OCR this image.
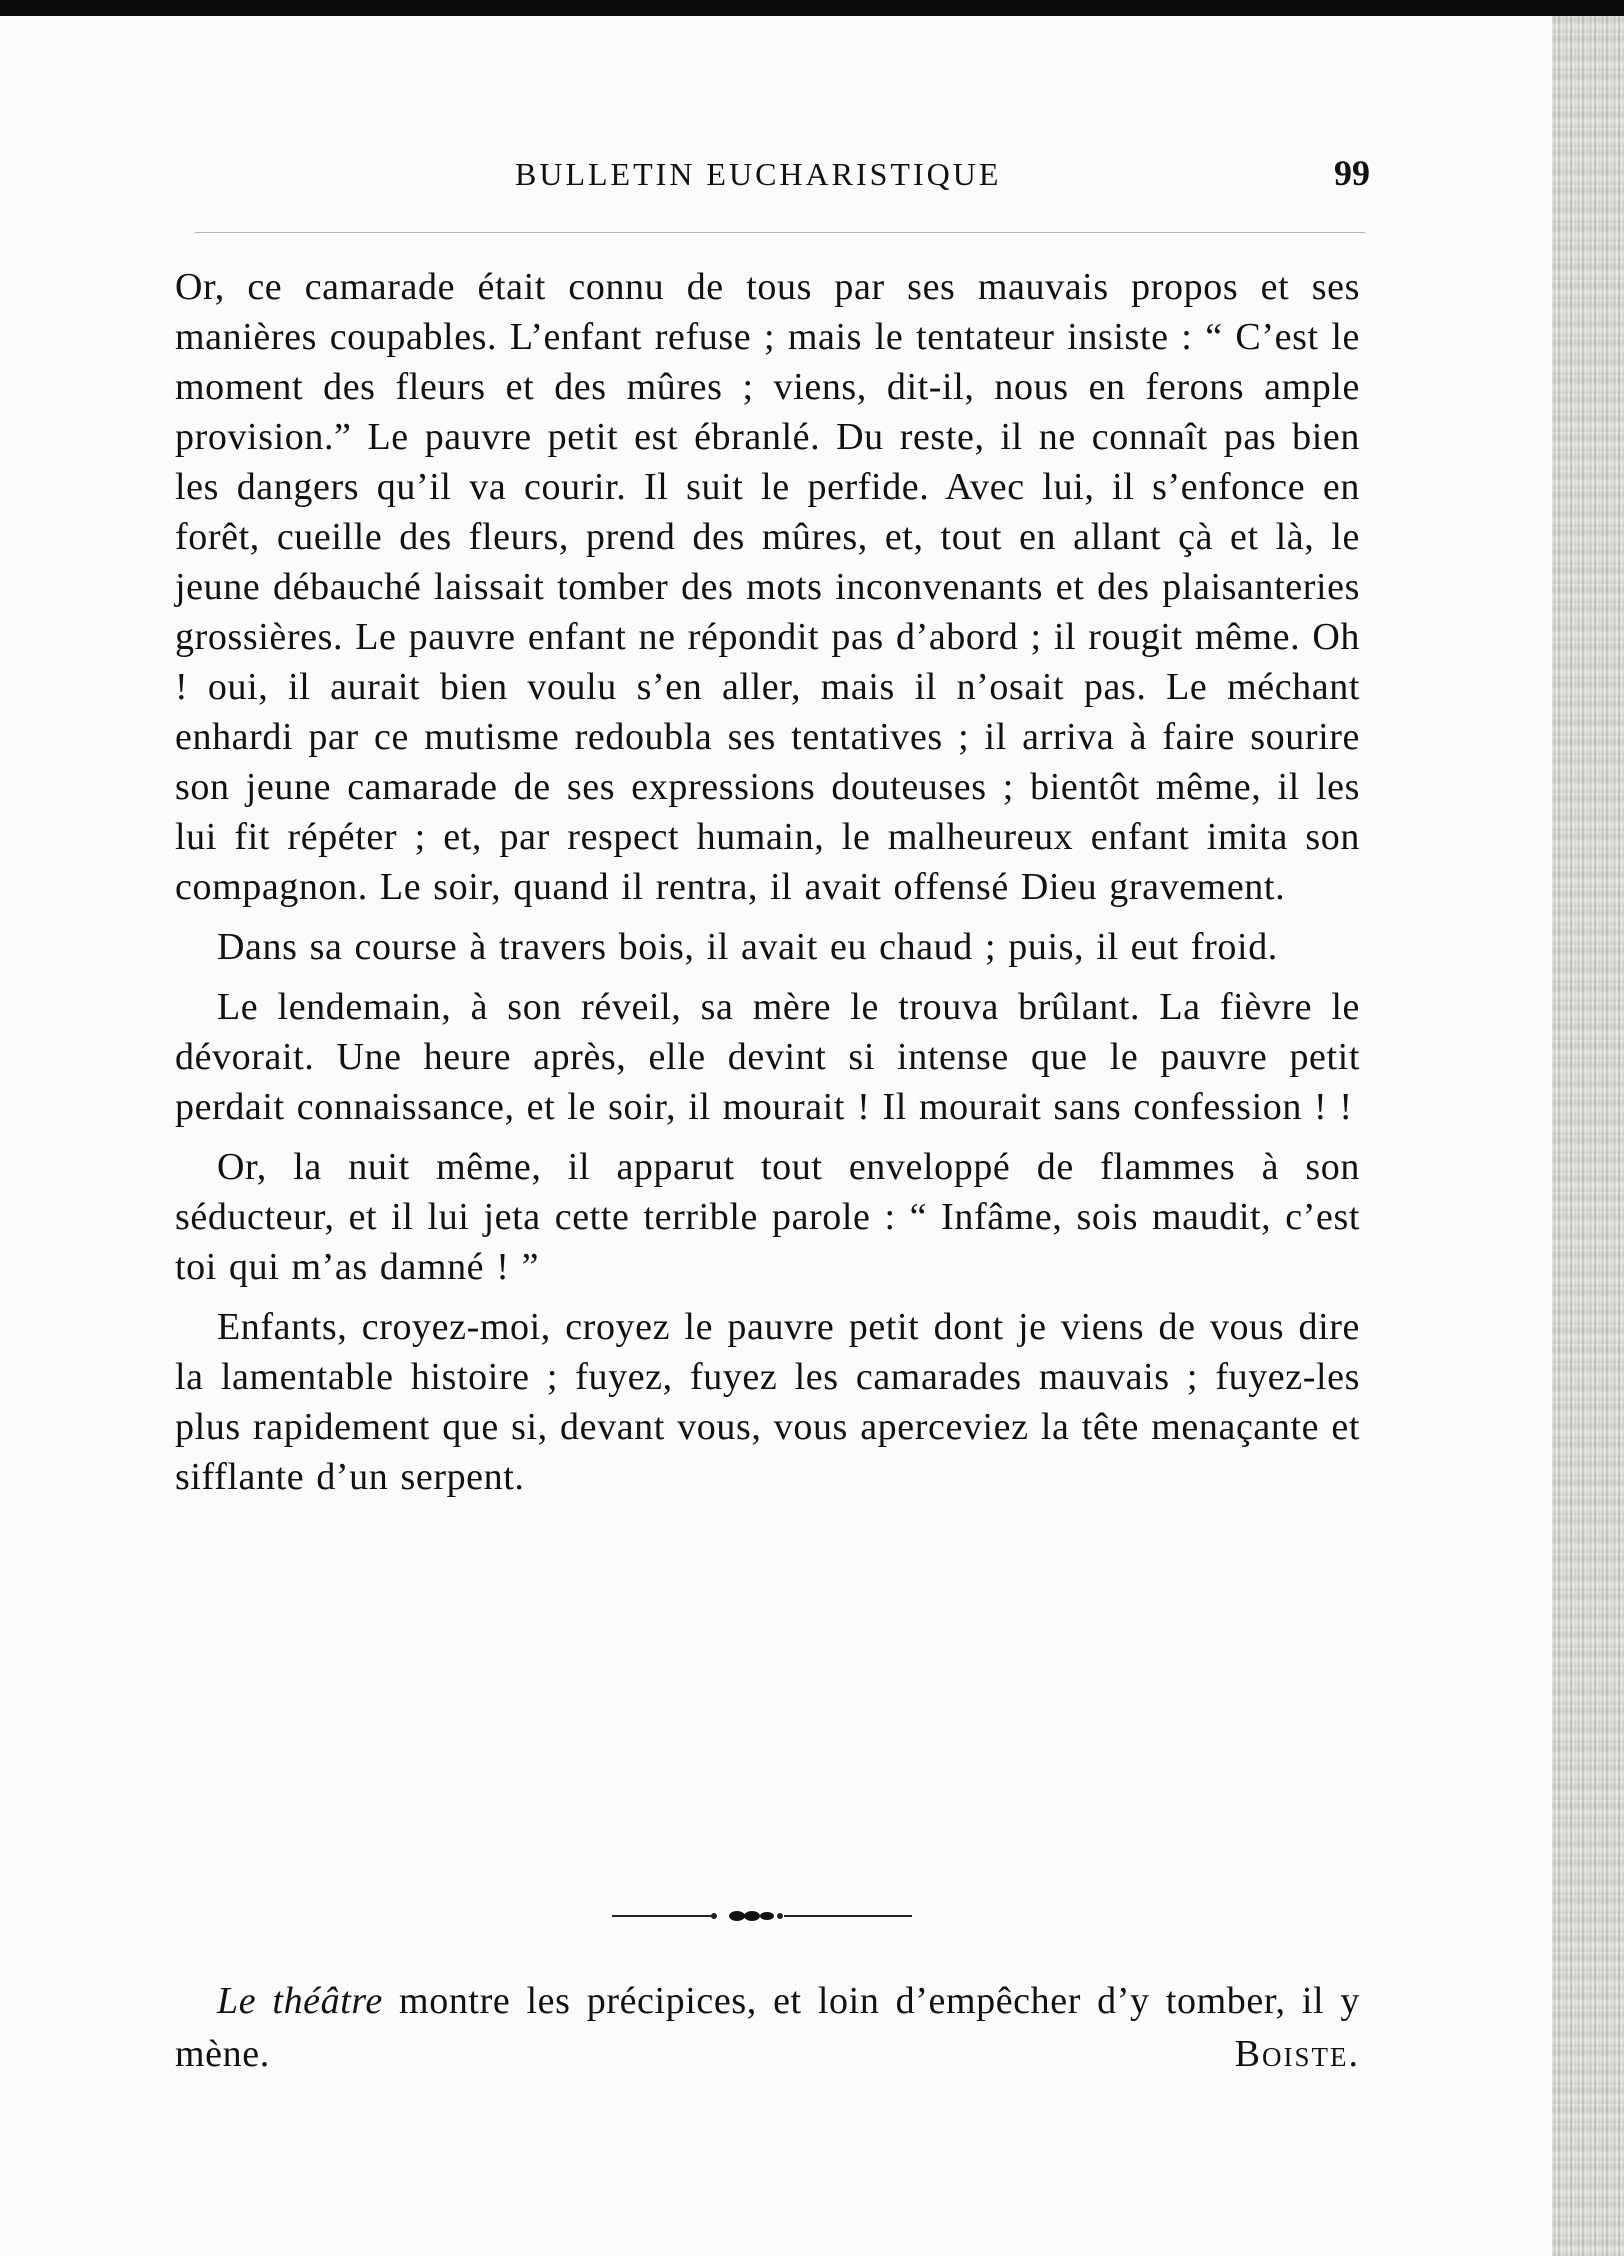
BULLETIN EUCHARISTIQUE	99

Or, ce camarade était connu de tous par ses mauvais propos et ses manières coupables. L’enfant refuse ; mais le tentateur insiste : “ C’est le moment des fleurs et des mûres ; viens, dit-il, nous en ferons ample provision.” Le pauvre petit est ébranlé. Du reste, il ne connaît pas bien les dangers qu’il va courir. Il suit le perfide. Avec lui, il s’enfonce en forêt, cueille des fleurs, prend des mûres, et, tout en allant çà et là, le jeune débauché laissait tomber des mots inconvenants et des plaisanteries grossières. Le pauvre enfant ne répondit pas d’abord ; il rougit même. Oh ! oui, il aurait bien voulu s’en aller, mais il n’osait pas. Le méchant enhardi par ce mutisme redoubla ses tentatives ; il arriva à faire sourire son jeune camarade de ses expressions douteuses ; bientôt même, il les lui fit répéter ; et, par respect humain, le malheureux enfant imita son compagnon. Le soir, quand il rentra, il avait offensé Dieu gravement.

Dans sa course à travers bois, il avait eu chaud ; puis, il eut froid.

Le lendemain, à son réveil, sa mère le trouva brûlant. La fièvre le dévorait. Une heure après, elle devint si intense que le pauvre petit perdait connaissance, et le soir, il mourait ! Il mourait sans confession ! !

Or, la nuit même, il apparut tout enveloppé de flammes à son séducteur, et il lui jeta cette terrible parole : “ Infâme, sois maudit, c’est toi qui m’as damné ! ”

Enfants, croyez-moi, croyez le pauvre petit dont je viens de vous dire la lamentable histoire ; fuyez, fuyez les camarades mauvais ; fuyez-les plus rapidement que si, devant vous, vous aperceviez la tête menaçante et sifflante d’un serpent.

Le théâtre montre les précipices, et loin d’empêcher d’y tomber, il y mène.	Boiste.
